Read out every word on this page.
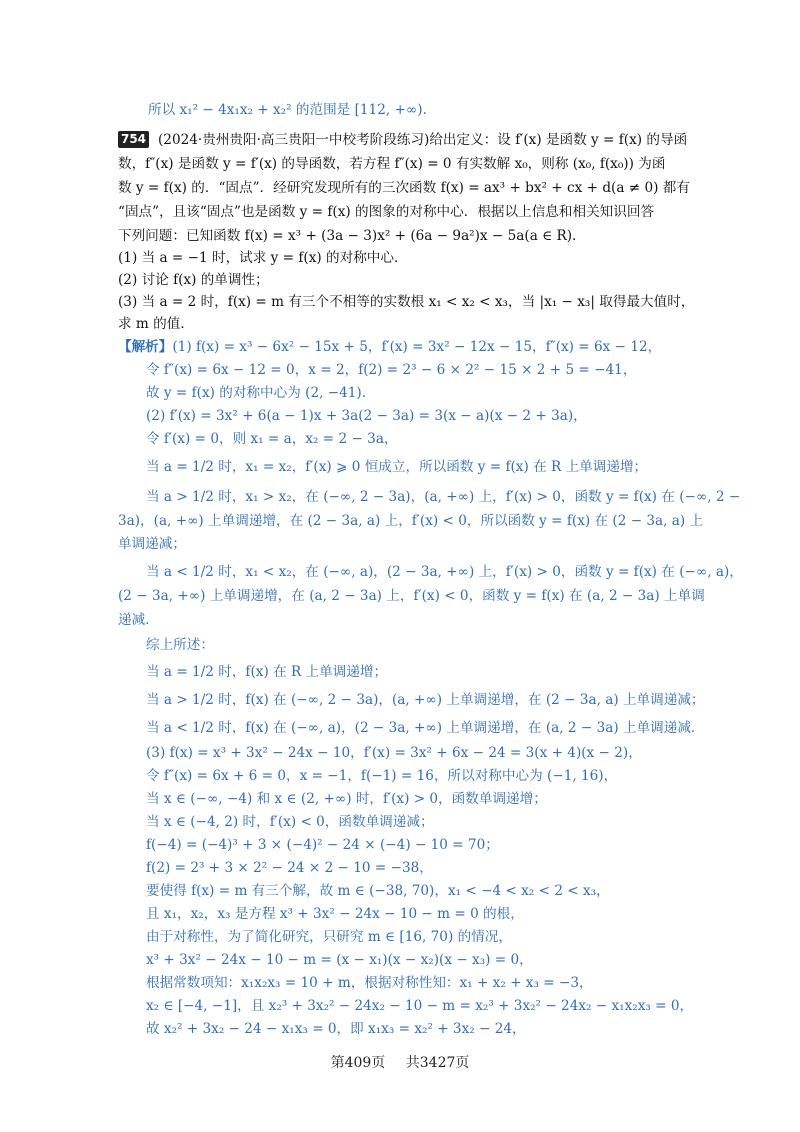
所以 x₁² − 4x₁x₂ + x₂² 的范围是 [112, +∞).
754 (2024·贵州贵阳·高三贵阳一中校考阶段练习)给出定义：设 f′(x) 是函数 y = f(x) 的导函
数，f″(x) 是函数 y = f′(x) 的导函数，若方程 f″(x) = 0 有实数解 x₀，则称 (x₀, f(x₀)) 为函
数 y = f(x) 的．“固点”．经研究发现所有的三次函数 f(x) = ax³ + bx² + cx + d(a ≠ 0) 都有
“固点”，且该“固点”也是函数 y = f(x) 的图象的对称中心．根据以上信息和相关知识回答
下列问题：已知函数 f(x) = x³ + (3a − 3)x² + (6a − 9a²)x − 5a(a ∈ R).
(1) 当 a = −1 时，试求 y = f(x) 的对称中心．
(2) 讨论 f(x) 的单调性；
(3) 当 a = 2 时，f(x) = m 有三个不相等的实数根 x₁ < x₂ < x₃，当 |x₁ − x₃| 取得最大值时，
求 m 的值．
【解析】(1) f(x) = x³ − 6x² − 15x + 5，f′(x) = 3x² − 12x − 15，f″(x) = 6x − 12，
令 f″(x) = 6x − 12 = 0，x = 2，f(2) = 2³ − 6 × 2² − 15 × 2 + 5 = −41，
故 y = f(x) 的对称中心为 (2, −41).
(2) f′(x) = 3x² + 6(a − 1)x + 3a(2 − 3a) = 3(x − a)(x − 2 + 3a)，
令 f′(x) = 0，则 x₁ = a，x₂ = 2 − 3a，
当 a = 1/2 时，x₁ = x₂，f′(x) ⩾ 0 恒成立，所以函数 y = f(x) 在 R 上单调递增；
当 a > 1/2 时，x₁ > x₂，在 (−∞, 2 − 3a)，(a, +∞) 上，f′(x) > 0，函数 y = f(x) 在 (−∞, 2 −
3a)，(a, +∞) 上单调递增，在 (2 − 3a, a) 上，f′(x) < 0，所以函数 y = f(x) 在 (2 − 3a, a) 上
单调递减；
当 a < 1/2 时，x₁ < x₂，在 (−∞, a)，(2 − 3a, +∞) 上，f′(x) > 0，函数 y = f(x) 在 (−∞, a)，
(2 − 3a, +∞) 上单调递增，在 (a, 2 − 3a) 上，f′(x) < 0，函数 y = f(x) 在 (a, 2 − 3a) 上单调
递减．
综上所述：
当 a = 1/2 时，f(x) 在 R 上单调递增；
当 a > 1/2 时，f(x) 在 (−∞, 2 − 3a)，(a, +∞) 上单调递增，在 (2 − 3a, a) 上单调递减；
当 a < 1/2 时，f(x) 在 (−∞, a)，(2 − 3a, +∞) 上单调递增，在 (a, 2 − 3a) 上单调递减．
(3) f(x) = x³ + 3x² − 24x − 10，f′(x) = 3x² + 6x − 24 = 3(x + 4)(x − 2)，
令 f″(x) = 6x + 6 = 0，x = −1，f(−1) = 16，所以对称中心为 (−1, 16)，
当 x ∈ (−∞, −4) 和 x ∈ (2, +∞) 时，f′(x) > 0，函数单调递增；
当 x ∈ (−4, 2) 时，f′(x) < 0，函数单调递减；
f(−4) = (−4)³ + 3 × (−4)² − 24 × (−4) − 10 = 70；
f(2) = 2³ + 3 × 2² − 24 × 2 − 10 = −38，
要使得 f(x) = m 有三个解，故 m ∈ (−38, 70)，x₁ < −4 < x₂ < 2 < x₃，
且 x₁，x₂，x₃ 是方程 x³ + 3x² − 24x − 10 − m = 0 的根，
由于对称性，为了简化研究，只研究 m ∈ [16, 70) 的情况，
x³ + 3x² − 24x − 10 − m = (x − x₁)(x − x₂)(x − x₃) = 0，
根据常数项知：x₁x₂x₃ = 10 + m，根据对称性知：x₁ + x₂ + x₃ = −3，
x₂ ∈ [−4, −1]，且 x₂³ + 3x₂² − 24x₂ − 10 − m = x₂³ + 3x₂² − 24x₂ − x₁x₂x₃ = 0，
故 x₂² + 3x₂ − 24 − x₁x₃ = 0，即 x₁x₃ = x₂² + 3x₂ − 24，
第409页 共3427页
